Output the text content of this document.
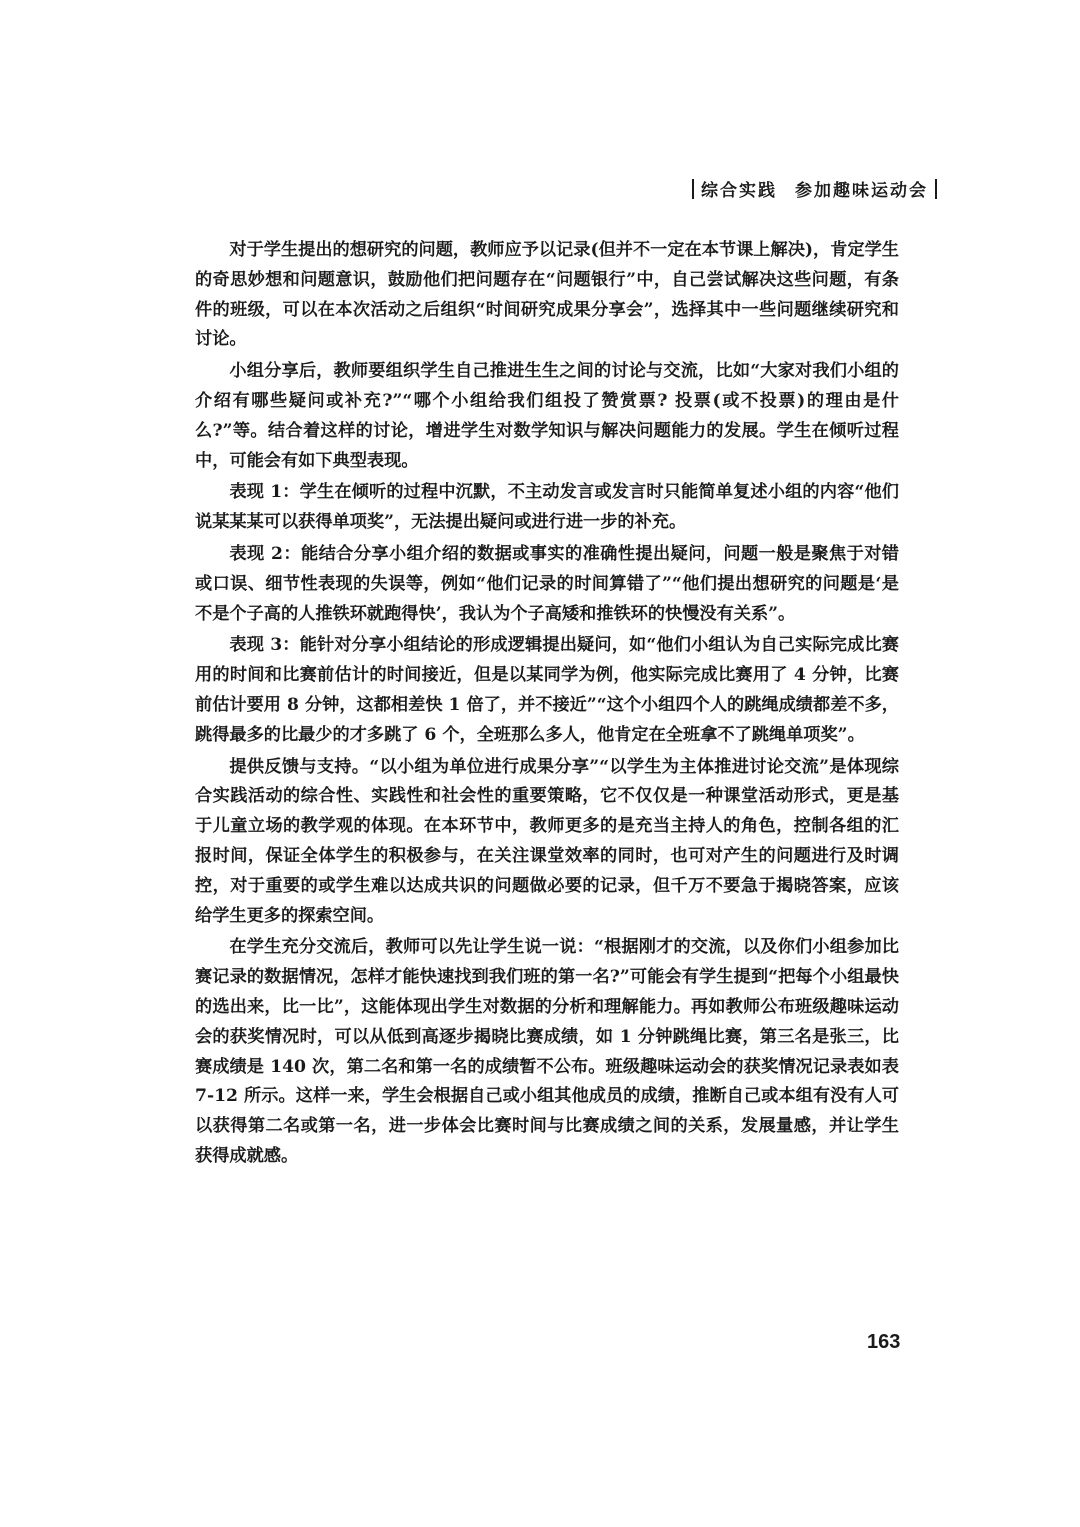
综合实践 参加趣味运动会

对于学生提出的想研究的问题，教师应予以记录(但并不一定在本节课上解决)，肯定学生的奇思妙想和问题意识，鼓励他们把问题存在“问题银行”中，自己尝试解决这些问题，有条件的班级，可以在本次活动之后组织“时间研究成果分享会”，选择其中一些问题继续研究和讨论。

小组分享后，教师要组织学生自己推进生生之间的讨论与交流，比如“大家对我们小组的介绍有哪些疑问或补充?”“哪个小组给我们组投了赞赏票? 投票(或不投票)的理由是什么?”等。结合着这样的讨论，增进学生对数学知识与解决问题能力的发展。学生在倾听过程中，可能会有如下典型表现。

表现 1：学生在倾听的过程中沉默，不主动发言或发言时只能简单复述小组的内容“他们说某某某可以获得单项奖”，无法提出疑问或进行进一步的补充。

表现 2：能结合分享小组介绍的数据或事实的准确性提出疑问，问题一般是聚焦于对错或口误、细节性表现的失误等，例如“他们记录的时间算错了”“他们提出想研究的问题是‘是不是个子高的人推铁环就跑得快’，我认为个子高矮和推铁环的快慢没有关系”。

表现 3：能针对分享小组结论的形成逻辑提出疑问，如“他们小组认为自己实际完成比赛用的时间和比赛前估计的时间接近，但是以某同学为例，他实际完成比赛用了 4 分钟，比赛前估计要用 8 分钟，这都相差快 1 倍了，并不接近”“这个小组四个人的跳绳成绩都差不多，跳得最多的比最少的才多跳了 6 个，全班那么多人，他肯定在全班拿不了跳绳单项奖”。

提供反馈与支持。“以小组为单位进行成果分享”“以学生为主体推进讨论交流”是体现综合实践活动的综合性、实践性和社会性的重要策略，它不仅仅是一种课堂活动形式，更是基于儿童立场的教学观的体现。在本环节中，教师更多的是充当主持人的角色，控制各组的汇报时间，保证全体学生的积极参与，在关注课堂效率的同时，也可对产生的问题进行及时调控，对于重要的或学生难以达成共识的问题做必要的记录，但千万不要急于揭晓答案，应该给学生更多的探索空间。

在学生充分交流后，教师可以先让学生说一说：“根据刚才的交流，以及你们小组参加比赛记录的数据情况，怎样才能快速找到我们班的第一名?”可能会有学生提到“把每个小组最快的选出来，比一比”，这能体现出学生对数据的分析和理解能力。再如教师公布班级趣味运动会的获奖情况时，可以从低到高逐步揭晓比赛成绩，如 1 分钟跳绳比赛，第三名是张三，比赛成绩是 140 次，第二名和第一名的成绩暂不公布。班级趣味运动会的获奖情况记录表如表 7-12 所示。这样一来，学生会根据自己或小组其他成员的成绩，推断自己或本组有没有人可以获得第二名或第一名，进一步体会比赛时间与比赛成绩之间的关系，发展量感，并让学生获得成就感。

163
